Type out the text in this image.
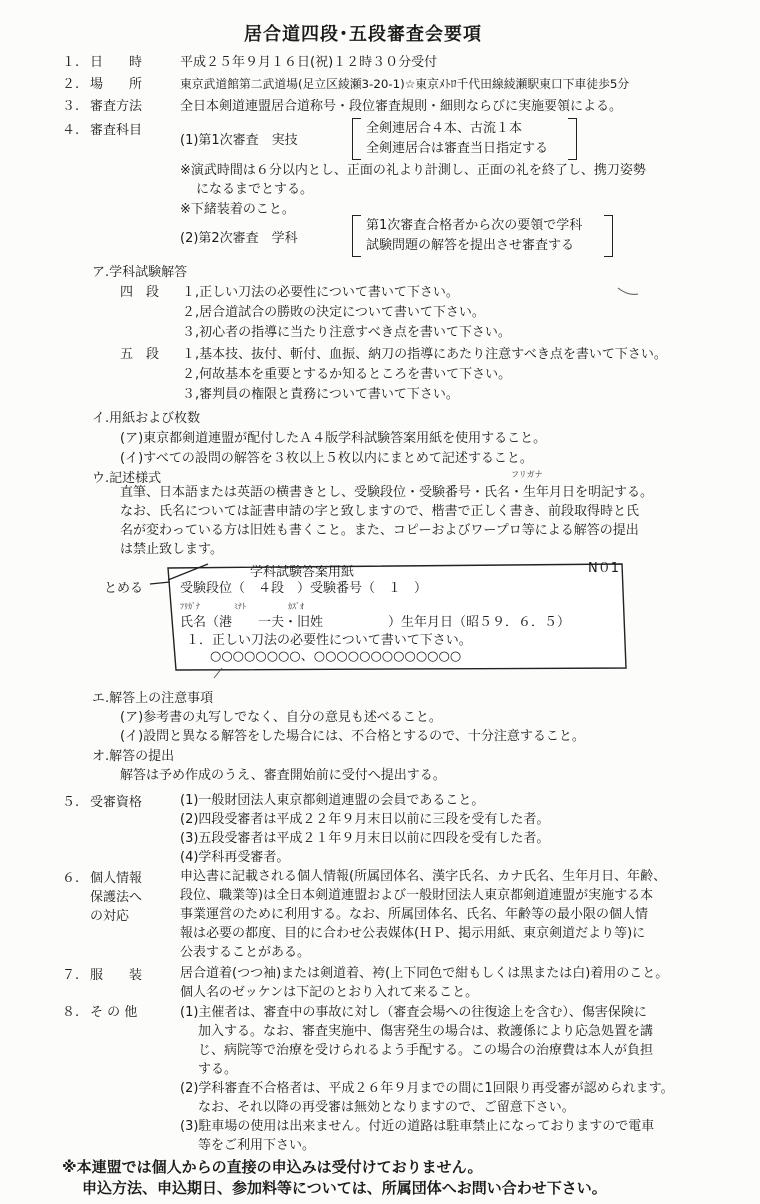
居合道四段･五段審査会要項
１. 日　　時	平成２５年９月１６日(祝)１２時３０分受付
２. 場　　所	東京武道館第二武道場(足立区綾瀬3-20-1)☆東京ﾒﾄﾛ千代田線綾瀬駅東口下車徒歩5分
３. 審査方法	全日本剣道連盟居合道称号・段位審査規則・細則ならびに実施要領による。
４. 審査科目
(1)第1次審査　実技
全剣連居合４本、古流１本
全剣連居合は審査当日指定する
※演武時間は６分以内とし、正面の礼より計測し、正面の礼を終了し、携刀姿勢
になるまでとする。
※下緒装着のこと。
(2)第2次審査　学科
第1次審査合格者から次の要領で学科
試験問題の解答を提出させ審査する
ア.学科試験解答
四　段 １,正しい刀法の必要性について書いて下さい。
２,居合道試合の勝敗の決定について書いて下さい。
３,初心者の指導に当たり注意すべき点を書いて下さい。
五　段 １,基本技、抜付、斬付、血振、納刀の指導にあたり注意すべき点を書いて下さい。
２,何故基本を重要とするか知るところを書いて下さい。
３,審判員の権限と責務について書いて下さい。
イ.用紙および枚数
(ア)東京都剣道連盟が配付したＡ４版学科試験答案用紙を使用すること。
(イ)すべての設問の解答を３枚以上５枚以内にまとめて記述すること。
ウ.記述様式	フリガナ
直筆、日本語または英語の横書きとし、受験段位・受験番号・氏名・生年月日を明記する。
なお、氏名については証書申請の字と致しますので、楷書で正しく書き、前段取得時と氏
名が変わっている方は旧姓も書くこと。また、コピーおよびワープロ等による解答の提出
は禁止致します。
とめる
学科試験答案用紙	N０1
受験段位（　４段　）受験番号（　１　）
ﾌﾘｶﾞﾅ	ﾐﾅﾄ	ｶｽﾞｵ
氏名（港　　一夫・旧姓　　　　　）生年月日（昭５９．６．５）
１．正しい刀法の必要性について書いて下さい。
○○○○○○○○、○○○○○○○○○○○○○
エ.解答上の注意事項
(ア)参考書の丸写しでなく、自分の意見も述べること。
(イ)設問と異なる解答をした場合には、不合格とするので、十分注意すること。
オ.解答の提出
解答は予め作成のうえ、審査開始前に受付へ提出する。
５. 受審資格	(1)一般財団法人東京都剣道連盟の会員であること。
(2)四段受審者は平成２２年９月末日以前に三段を受有した者。
(3)五段受審者は平成２１年９月末日以前に四段を受有した者。
(4)学科再受審者。
６. 個人情報
保護法へ
の対応
申込書に記載される個人情報(所属団体名、漢字氏名、カナ氏名、生年月日、年齢、
段位、職業等)は全日本剣道連盟および一般財団法人東京都剣道連盟が実施する本
事業運営のために利用する。なお、所属団体名、氏名、年齢等の最小限の個人情
報は必要の都度、目的に合わせ公表媒体(ＨＰ、掲示用紙、東京剣道だより等)に
公表することがある。
７. 服　　装	居合道着(つつ袖)または剣道着、袴(上下同色で紺もしくは黒または白)着用のこと。
個人名のゼッケンは下記のとおり入れて来ること。
８. そ の 他	(1)主催者は、審査中の事故に対し（審査会場への往復途上を含む）、傷害保険に
加入する。なお、審査実施中、傷害発生の場合は、救護係により応急処置を講
じ、病院等で治療を受けられるよう手配する。この場合の治療費は本人が負担
する。
(2)学科審査不合格者は、平成２６年９月までの間に1回限り再受審が認められます。
なお、それ以降の再受審は無効となりますので、ご留意下さい。
(3)駐車場の使用は出来ません。付近の道路は駐車禁止になっておりますので電車
等をご利用下さい。
※本連盟では個人からの直接の申込みは受付けておりません。
申込方法、申込期日、参加料等については、所属団体へお問い合わせ下さい。
